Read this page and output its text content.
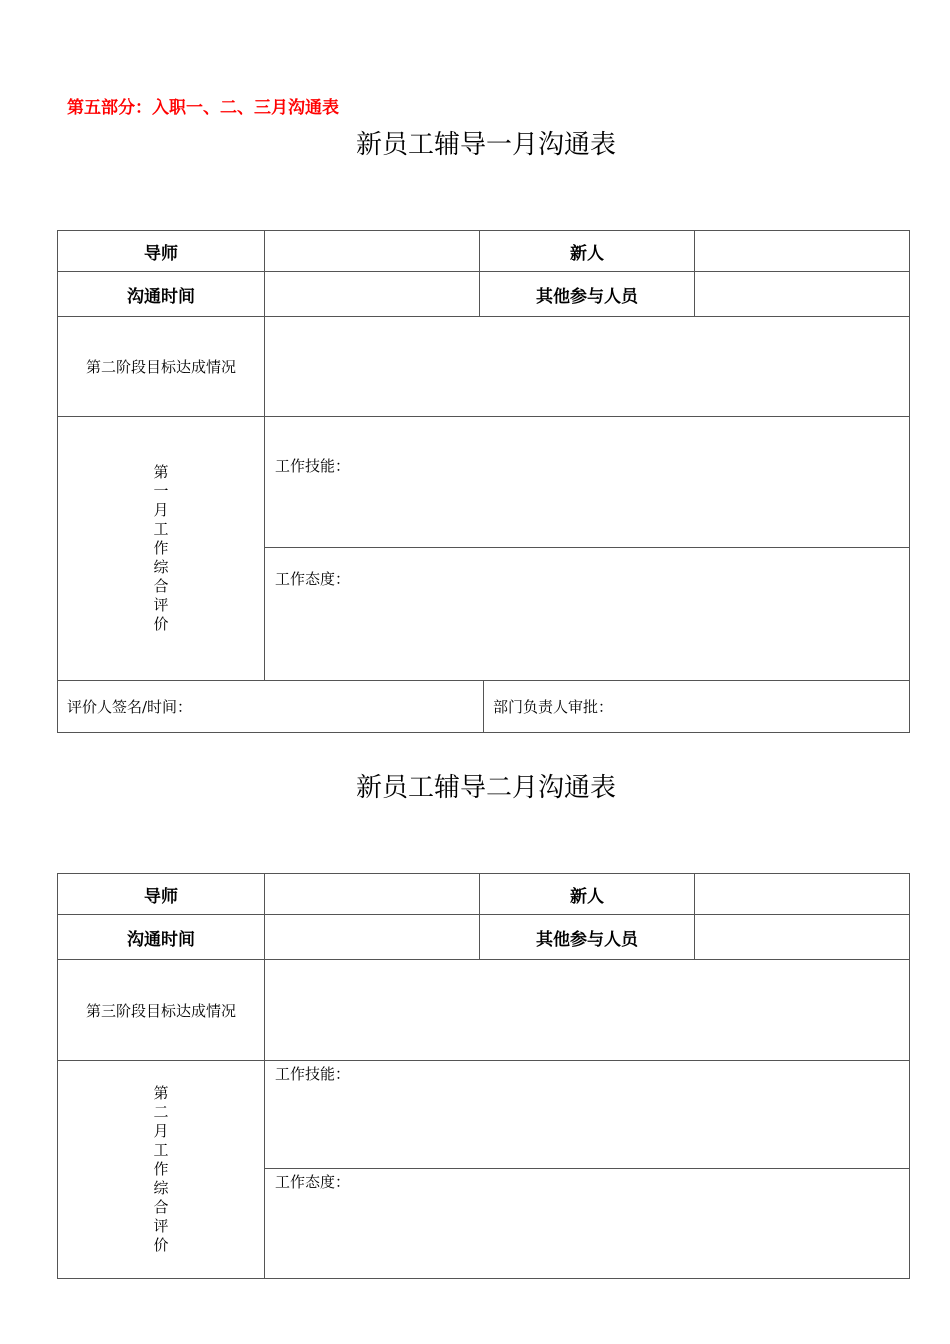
第五部分：入职一、二、三月沟通表
新员工辅导一月沟通表
导师	新人
沟通时间	其他参与人员
第二阶段目标达成情况
第一月工作综合评价
工作技能：
工作态度：
评价人签名/时间：	部门负责人审批：
新员工辅导二月沟通表
导师	新人
沟通时间	其他参与人员
第三阶段目标达成情况
第二月工作综合评价
工作技能：
工作态度：
